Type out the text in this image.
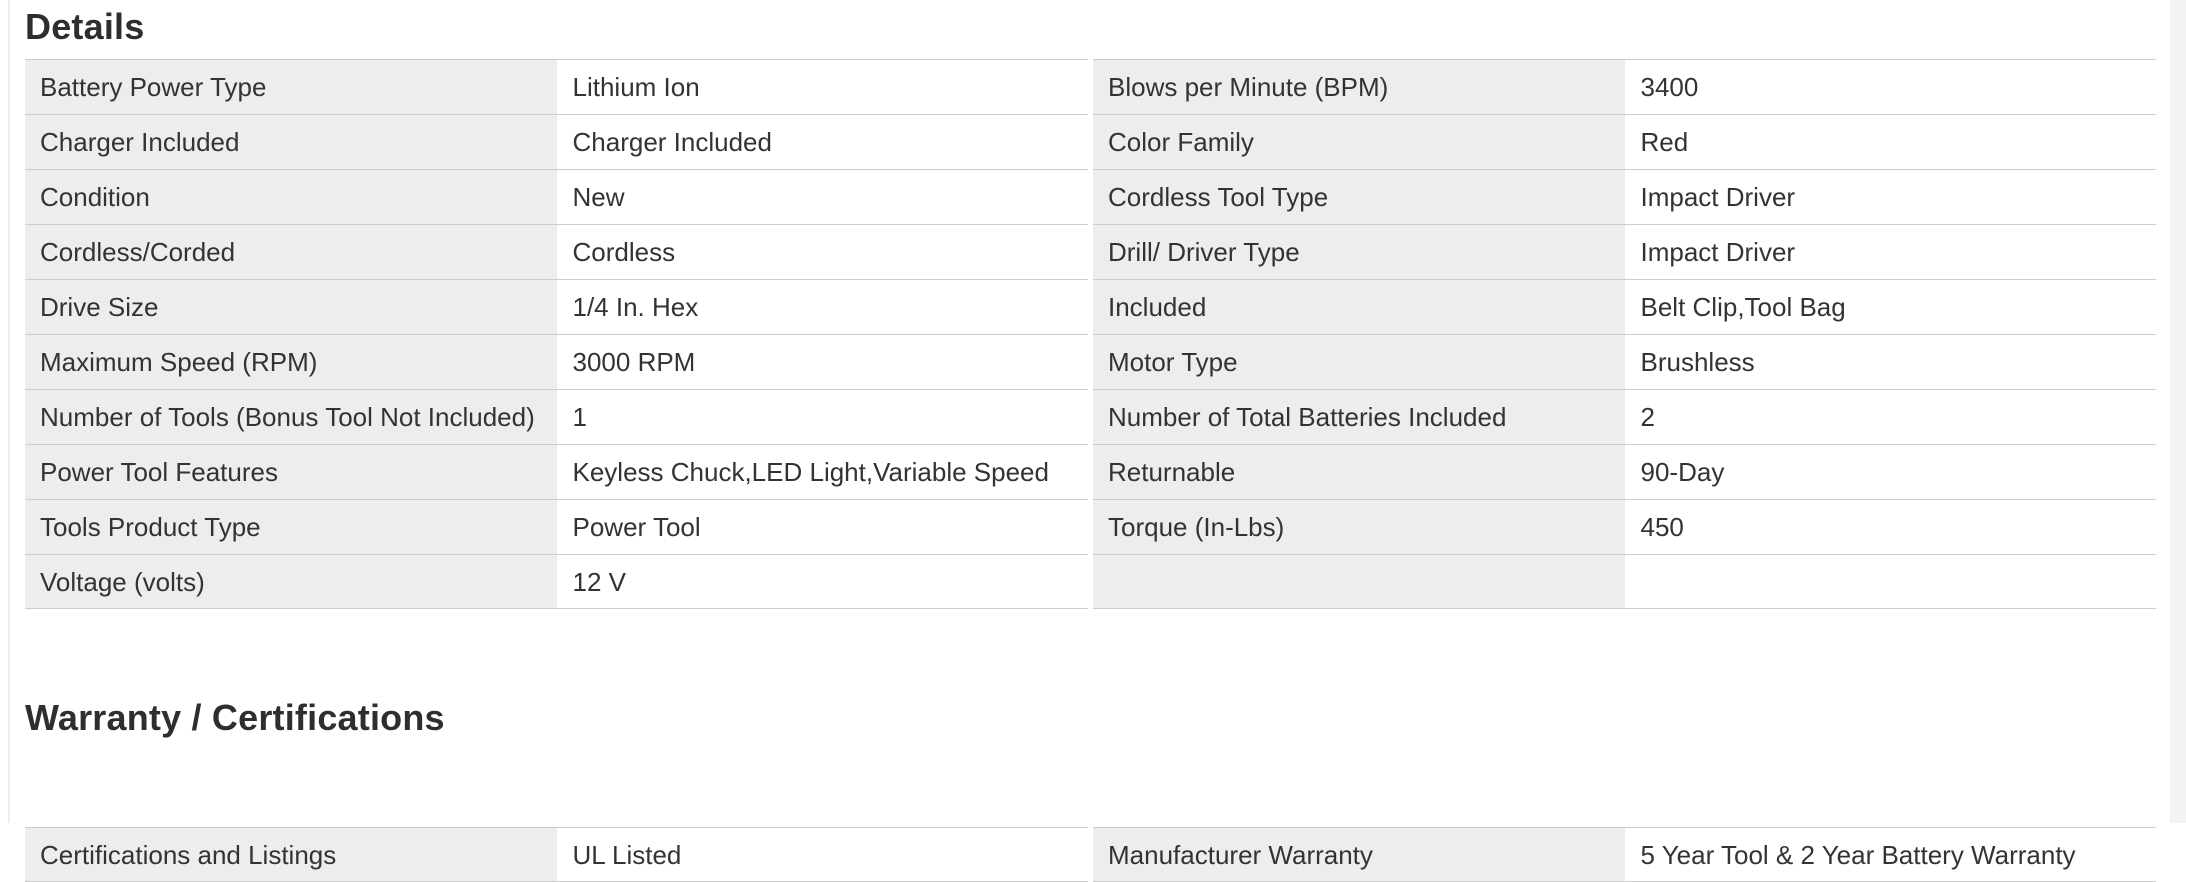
Details
Battery Power Type	Lithium Ion
Charger Included	Charger Included
Condition	New
Cordless/Corded	Cordless
Drive Size	1/4 In. Hex
Maximum Speed (RPM)	3000 RPM
Number of Tools (Bonus Tool Not Included)	1
Power Tool Features	Keyless Chuck,LED Light,Variable Speed
Tools Product Type	Power Tool
Voltage (volts)	12 V
Blows per Minute (BPM)	3400
Color Family	Red
Cordless Tool Type	Impact Driver
Drill/ Driver Type	Impact Driver
Included	Belt Clip,Tool Bag
Motor Type	Brushless
Number of Total Batteries Included	2
Returnable	90-Day
Torque (In-Lbs)	450
Warranty / Certifications
Certifications and Listings	UL Listed	Manufacturer Warranty	5 Year Tool & 2 Year Battery Warranty
